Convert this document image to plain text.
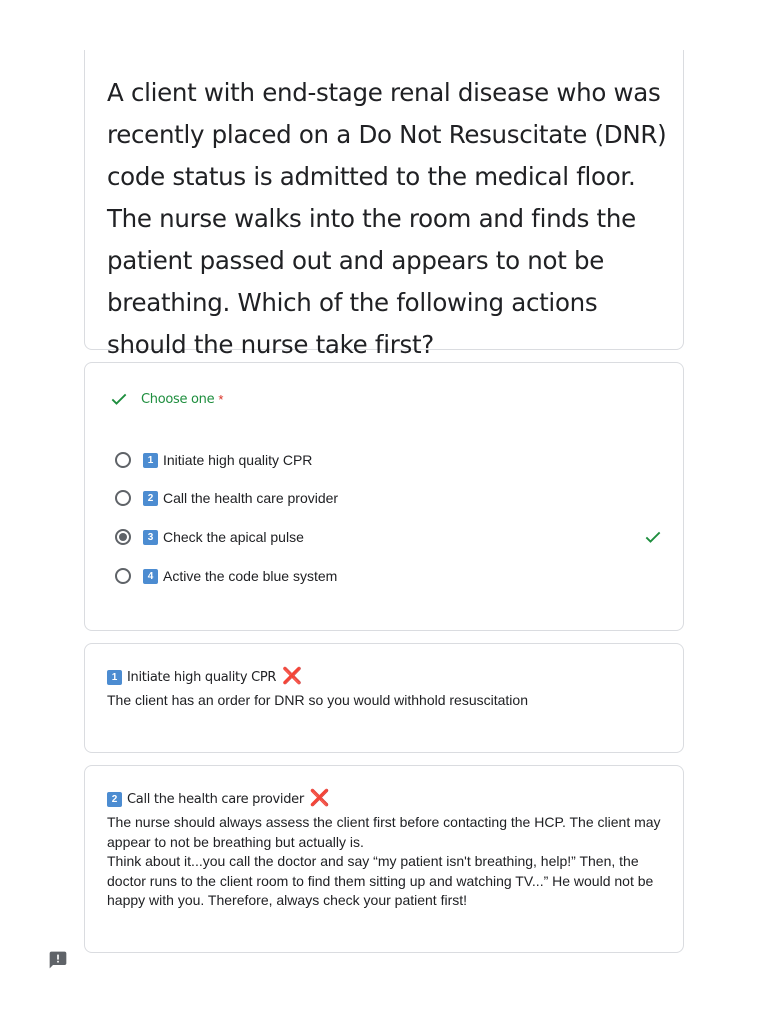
A client with end-stage renal disease who was recently placed on a Do Not Resuscitate (DNR) code status is admitted to the medical floor. The nurse walks into the room and finds the patient passed out and appears to not be breathing. Which of the following actions should the nurse take first?
Choose one *
1 Initiate high quality CPR
2 Call the health care provider
3 Check the apical pulse
4 Active the code blue system
1 Initiate high quality CPR ❌

The client has an order for DNR so you would withhold resuscitation

2 Call the health care provider ❌

The nurse should always assess the client first before contacting the HCP. The client may appear to not be breathing but actually is.

Think about it...you call the doctor and say “my patient isn't breathing, help!” Then, the doctor runs to the client room to find them sitting up and watching TV...” He would not be happy with you. Therefore, always check your patient first!
